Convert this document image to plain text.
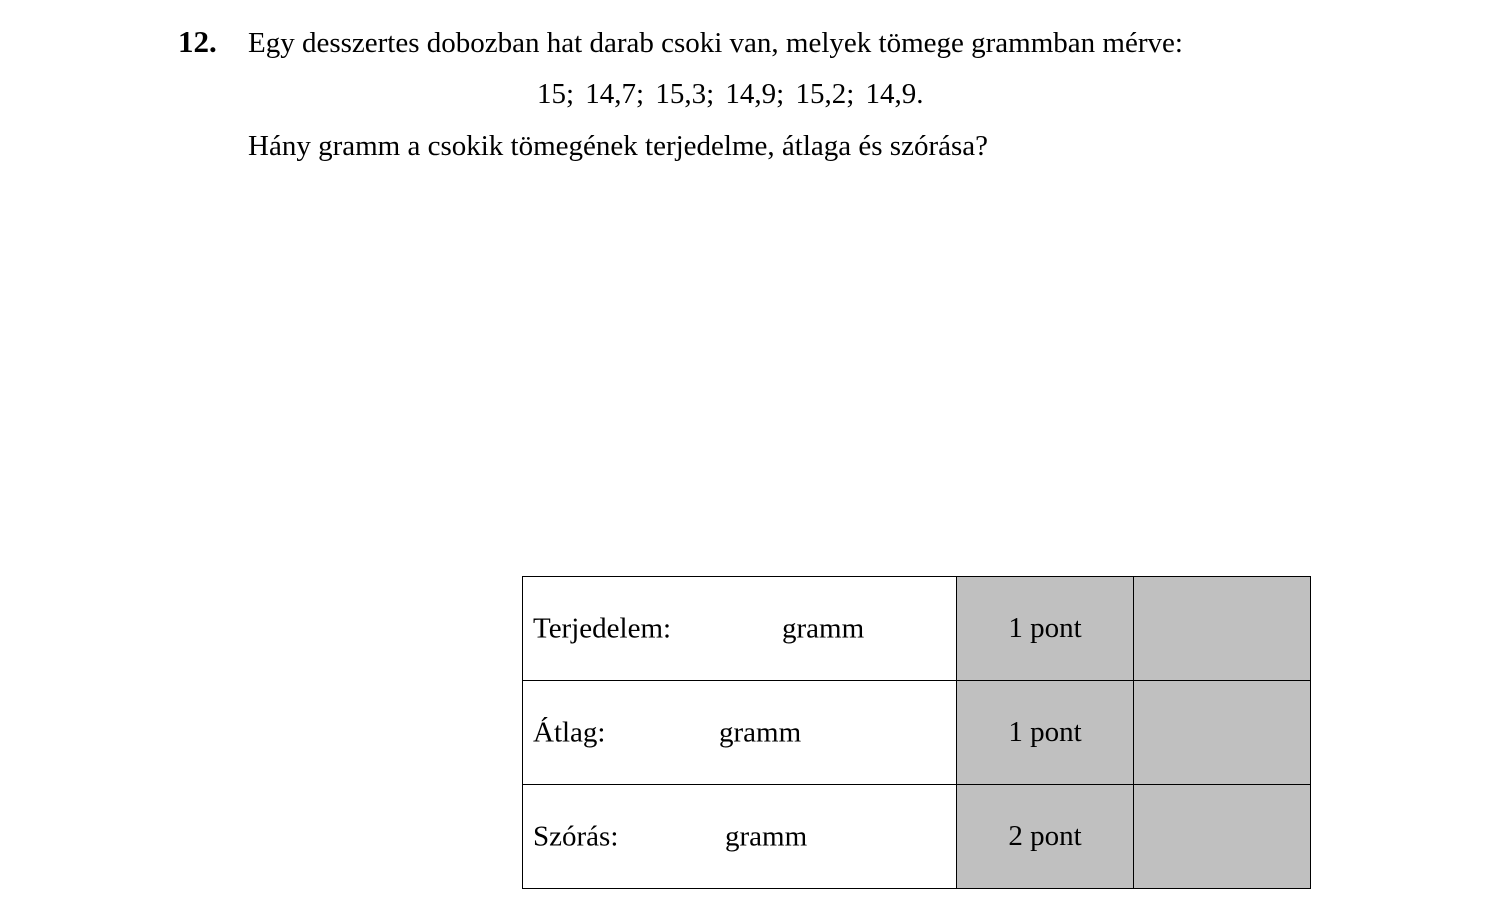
12. Egy desszertes dobozban hat darab csoki van, melyek tömege grammban mérve:
15; 14,7; 15,3; 14,9; 15,2; 14,9.
Hány gramm a csokik tömegének terjedelme, átlaga és szórása?
Terjedelem: gramm	1 pont	

Átlag: gramm	1 pont	

Szórás: gramm	2 pont	
